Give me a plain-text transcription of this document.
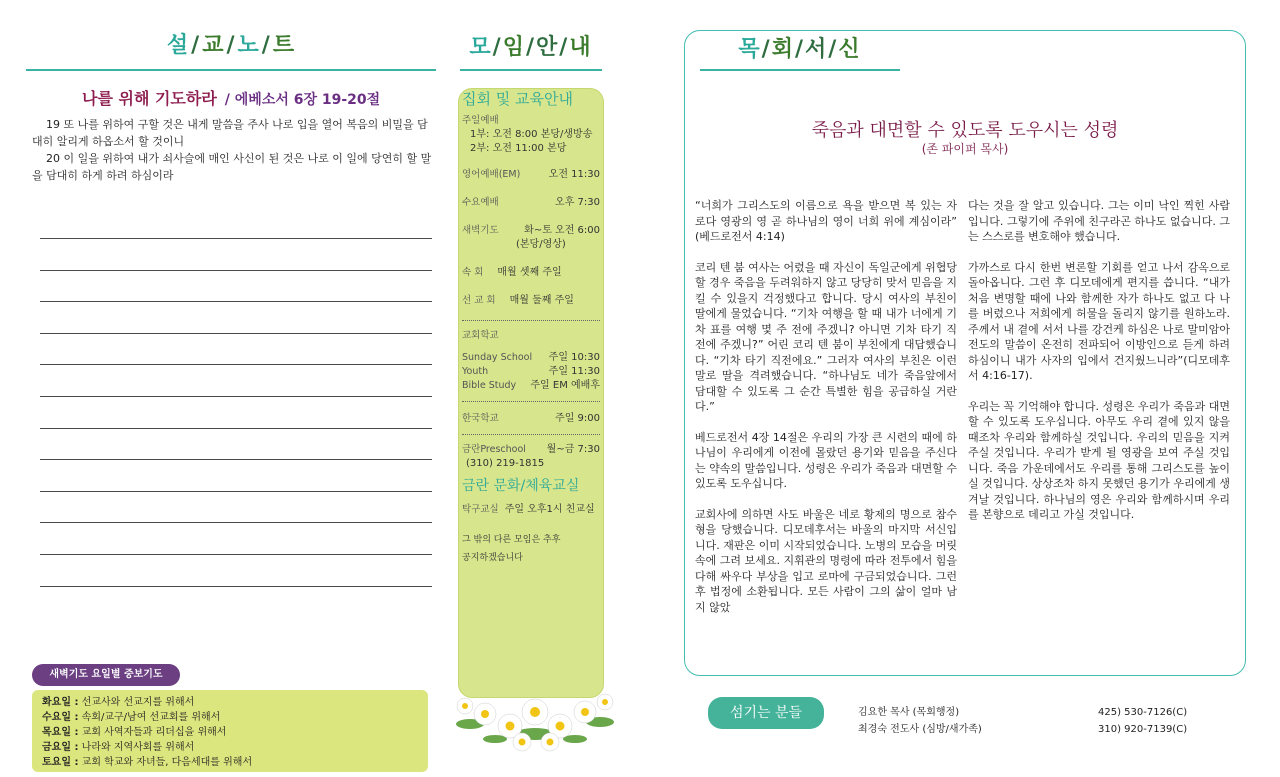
설/교/노/트
나를 위해 기도하라 / 에베소서 6장 19-20절

19 또 나를 위하여 구할 것은 내게 말씀을 주사 나로 입을 열어 복음의 비밀을 담대히 알리게 하옵소서 할 것이니

20 이 일을 위하여 내가 쇠사슬에 매인 사신이 된 것은 나로 이 일에 당연히 할 말을 담대히 하게 하려 하심이라

새벽기도 요일별 중보기도
화요일 : 선교사와 선교지를 위해서
수요일 : 속회/교구/남여 선교회를 위해서
목요일 : 교회 사역자들과 리더십을 위해서
금요일 : 나라와 지역사회를 위해서
토요일 : 교회 학교와 자녀들, 다음세대를 위해서
모/임/안/내
집회 및 교육안내
주일예배
1부: 오전 8:00 본당/생방송
2부: 오전 11:00 본당
영어예배(EM)	오전 11:30
수요예배	오후 7:30
새벽기도	화~토 오전 6:00
(본당/영상)
속 회 매월 셋째 주일
선 교 회 매월 둘째 주일
교회학교
Sunday School 주일 10:30
Youth	주일 11:30
Bible Study 주일 EM 예배후
한국학교	주일 9:00
금란Preschool 월~금 7:30
(310) 219-1815
금란 문화/체육교실
탁구교실 주일 오후1시 친교실
그 밖의 다른 모임은 추후
공지하겠습니다
목/회/서/신
죽음과 대면할 수 있도록 도우시는 성령
(존 파이퍼 목사)

“너희가 그리스도의 이름으로 욕을 받으면 복 있는 자로다 영광의 영 곧 하나님의 영이 너희 위에 계심이라” (베드로전서 4:14)

코리 텐 붐 여사는 어렸을 때 자신이 독일군에게 위협당할 경우 죽음을 두려워하지 않고 당당히 맞서 믿음을 지킬 수 있을지 걱정했다고 합니다. 당시 여사의 부친이 딸에게 물었습니다. “기차 여행을 할 때 내가 너에게 기차 표를 여행 몇 주 전에 주겠니? 아니면 기차 타기 직전에 주겠니?” 어린 코리 텐 붐이 부친에게 대답했습니다. “기차 타기 직전에요.” 그러자 여사의 부친은 이런 말로 딸을 격려했습니다. “하나님도 네가 죽음앞에서 담대할 수 있도록 그 순간 특별한 힘을 공급하실 거란다.”

베드로전서 4장 14절은 우리의 가장 큰 시련의 때에 하나님이 우리에게 이전에 몰랐던 용기와 믿음을 주신다는 약속의 말씀입니다. 성령은 우리가 죽음과 대면할 수 있도록 도우십니다.

교회사에 의하면 사도 바울은 네로 황제의 명으로 참수형을 당했습니다. 디모데후서는 바울의 마지막 서신입니다. 재판은 이미 시작되었습니다. 노병의 모습을 머릿속에 그려 보세요. 지휘관의 명령에 따라 전투에서 힘을 다해 싸우다 부상을 입고 로마에 구금되었습니다. 그런 후 법정에 소환됩니다. 모든 사람이 그의 삶이 얼마 남지 않았

다는 것을 잘 알고 있습니다. 그는 이미 낙인 찍힌 사람입니다. 그렇기에 주위에 친구라곤 하나도 없습니다. 그는 스스로를 변호해야 했습니다.

가까스로 다시 한번 변론할 기회를 얻고 나서 감옥으로 돌아옵니다. 그런 후 디모데에게 편지를 씁니다. “내가 처음 변명할 때에 나와 함께한 자가 하나도 없고 다 나를 버렸으나 저희에게 허물을 돌리지 않기를 원하노라. 주께서 내 곁에 서서 나를 강건케 하심은 나로 말미암아 전도의 말씀이 온전히 전파되어 이방인으로 듣게 하려 하심이니 내가 사자의 입에서 건지웠느니라”(디모데후서 4:16-17).

우리는 꼭 기억해야 합니다. 성령은 우리가 죽음과 대면할 수 있도록 도우십니다. 아무도 우리 곁에 있지 않을 때조차 우리와 함께하실 것입니다. 우리의 믿음을 지켜 주실 것입니다. 우리가 받게 될 영광을 보여 주실 것입니다. 죽음 가운데에서도 우리를 통해 그리스도를 높이실 것입니다. 상상조차 하지 못했던 용기가 우리에게 생겨날 것입니다. 하나님의 영은 우리와 함께하시며 우리를 본향으로 데리고 가실 것입니다.

섬기는 분들	김요한 목사 (목회행정)	425) 530-7126(C)
최경숙 전도사 (심방/새가족)	310) 920-7139(C)
